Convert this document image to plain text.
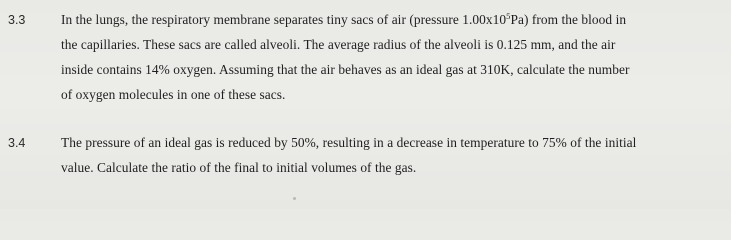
3.3	In the lungs, the respiratory membrane separates tiny sacs of air (pressure $1.00x10^5Pa$) from the blood in
the capillaries. These sacs are called alveoli. The average radius of the alveoli is 0.125 mm, and the air
inside contains 14% oxygen. Assuming that the air behaves as an ideal gas at 310K, calculate the number
of oxygen molecules in one of these sacs.
3.4	The pressure of an ideal gas is reduced by 50%, resulting in a decrease in temperature to 75% of the initial
value. Calculate the ratio of the final to initial volumes of the gas.
